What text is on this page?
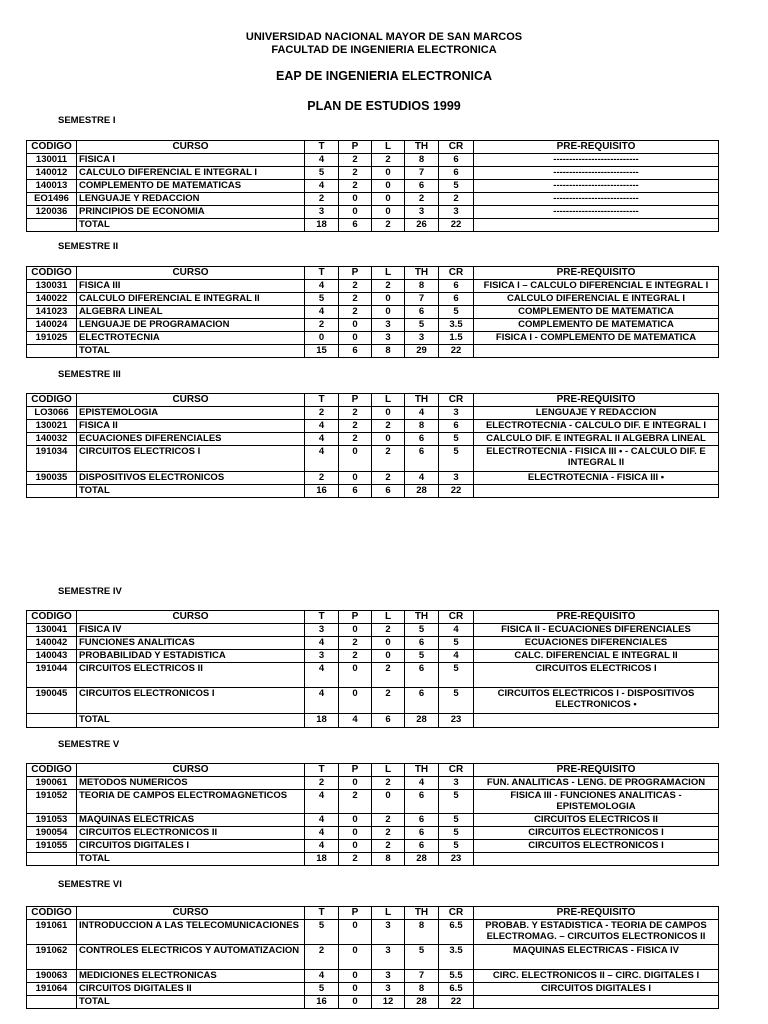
UNIVERSIDAD NACIONAL MAYOR DE SAN MARCOS
FACULTAD DE INGENIERIA ELECTRONICA
EAP DE INGENIERIA ELECTRONICA
PLAN DE ESTUDIOS 1999
SEMESTRE I
CODIGO	CURSO	T	P	L	TH	CR	PRE-REQUISITO
130011	FISICA I	4	2	2	8	6	---------------------------
140012	CALCULO DIFERENCIAL E INTEGRAL I	5	2	0	7	6	---------------------------
140013	COMPLEMENTO DE MATEMATICAS	4	2	0	6	5	---------------------------
EO1496	LENGUAJE Y REDACCION	2	0	0	2	2	---------------------------
120036	PRINCIPIOS DE ECONOMIA	3	0	0	3	3	---------------------------
	TOTAL	18	6	2	26	22	
SEMESTRE II
CODIGO	CURSO	T	P	L	TH	CR	PRE-REQUISITO
130031	FISICA III	4	2	2	8	6	FISICA I – CALCULO DIFERENCIAL E INTEGRAL I
140022	CALCULO DIFERENCIAL E INTEGRAL II	5	2	0	7	6	CALCULO DIFERENCIAL E INTEGRAL I
141023	ALGEBRA LINEAL	4	2	0	6	5	COMPLEMENTO DE MATEMATICA
140024	LENGUAJE DE PROGRAMACION	2	0	3	5	3.5	COMPLEMENTO DE MATEMATICA
191025	ELECTROTECNIA	0	0	3	3	1.5	FISICA I - COMPLEMENTO DE MATEMATICA
	TOTAL	15	6	8	29	22	
SEMESTRE III
CODIGO	CURSO	T	P	L	TH	CR	PRE-REQUISITO
LO3066	EPISTEMOLOGIA	2	2	0	4	3	LENGUAJE Y REDACCION
130021	FISICA II	4	2	2	8	6	ELECTROTECNIA - CALCULO DIF. E INTEGRAL I
140032	ECUACIONES DIFERENCIALES	4	2	0	6	5	CALCULO DIF. E INTEGRAL II ALGEBRA LINEAL
191034	CIRCUITOS ELECTRICOS I	4	0	2	6	5	ELECTROTECNIA - FISICA III • - CALCULO DIF. E INTEGRAL II
190035	DISPOSITIVOS ELECTRONICOS	2	0	2	4	3	ELECTROTECNIA - FISICA III •
	TOTAL	16	6	6	28	22	
SEMESTRE IV
CODIGO	CURSO	T	P	L	TH	CR	PRE-REQUISITO
130041	FISICA IV	3	0	2	5	4	FISICA II - ECUACIONES DIFERENCIALES
140042	FUNCIONES ANALITICAS	4	2	0	6	5	ECUACIONES DIFERENCIALES
140043	PROBABILIDAD Y ESTADISTICA	3	2	0	5	4	CALC. DIFERENCIAL E INTEGRAL II
191044	CIRCUITOS ELECTRICOS II	4	0	2	6	5	CIRCUITOS ELECTRICOS I
190045	CIRCUITOS ELECTRONICOS I	4	0	2	6	5	CIRCUITOS ELECTRICOS I - DISPOSITIVOS ELECTRONICOS •
	TOTAL	18	4	6	28	23	
SEMESTRE V
CODIGO	CURSO	T	P	L	TH	CR	PRE-REQUISITO
190061	METODOS NUMERICOS	2	0	2	4	3	FUN. ANALITICAS - LENG. DE PROGRAMACION
191052	TEORIA DE CAMPOS ELECTROMAGNETICOS	4	2	0	6	5	FISICA III - FUNCIONES ANALITICAS - EPISTEMOLOGIA
191053	MAQUINAS ELECTRICAS	4	0	2	6	5	CIRCUITOS ELECTRICOS II
190054	CIRCUITOS ELECTRONICOS II	4	0	2	6	5	CIRCUITOS ELECTRONICOS I
191055	CIRCUITOS DIGITALES I	4	0	2	6	5	CIRCUITOS ELECTRONICOS I
	TOTAL	18	2	8	28	23	
SEMESTRE VI
CODIGO	CURSO	T	P	L	TH	CR	PRE-REQUISITO
191061	INTRODUCCION A LAS TELECOMUNICACIONES	5	0	3	8	6.5	PROBAB. Y ESTADISTICA - TEORIA DE CAMPOS ELECTROMAG. – CIRCUITOS ELECTRONICOS II
191062	CONTROLES ELECTRICOS Y AUTOMATIZACION	2	0	3	5	3.5	MAQUINAS ELECTRICAS - FISICA IV
190063	MEDICIONES ELECTRONICAS	4	0	3	7	5.5	CIRC. ELECTRONICOS II – CIRC. DIGITALES I
191064	CIRCUITOS DIGITALES II	5	0	3	8	6.5	CIRCUITOS DIGITALES I
	TOTAL	16	0	12	28	22	
